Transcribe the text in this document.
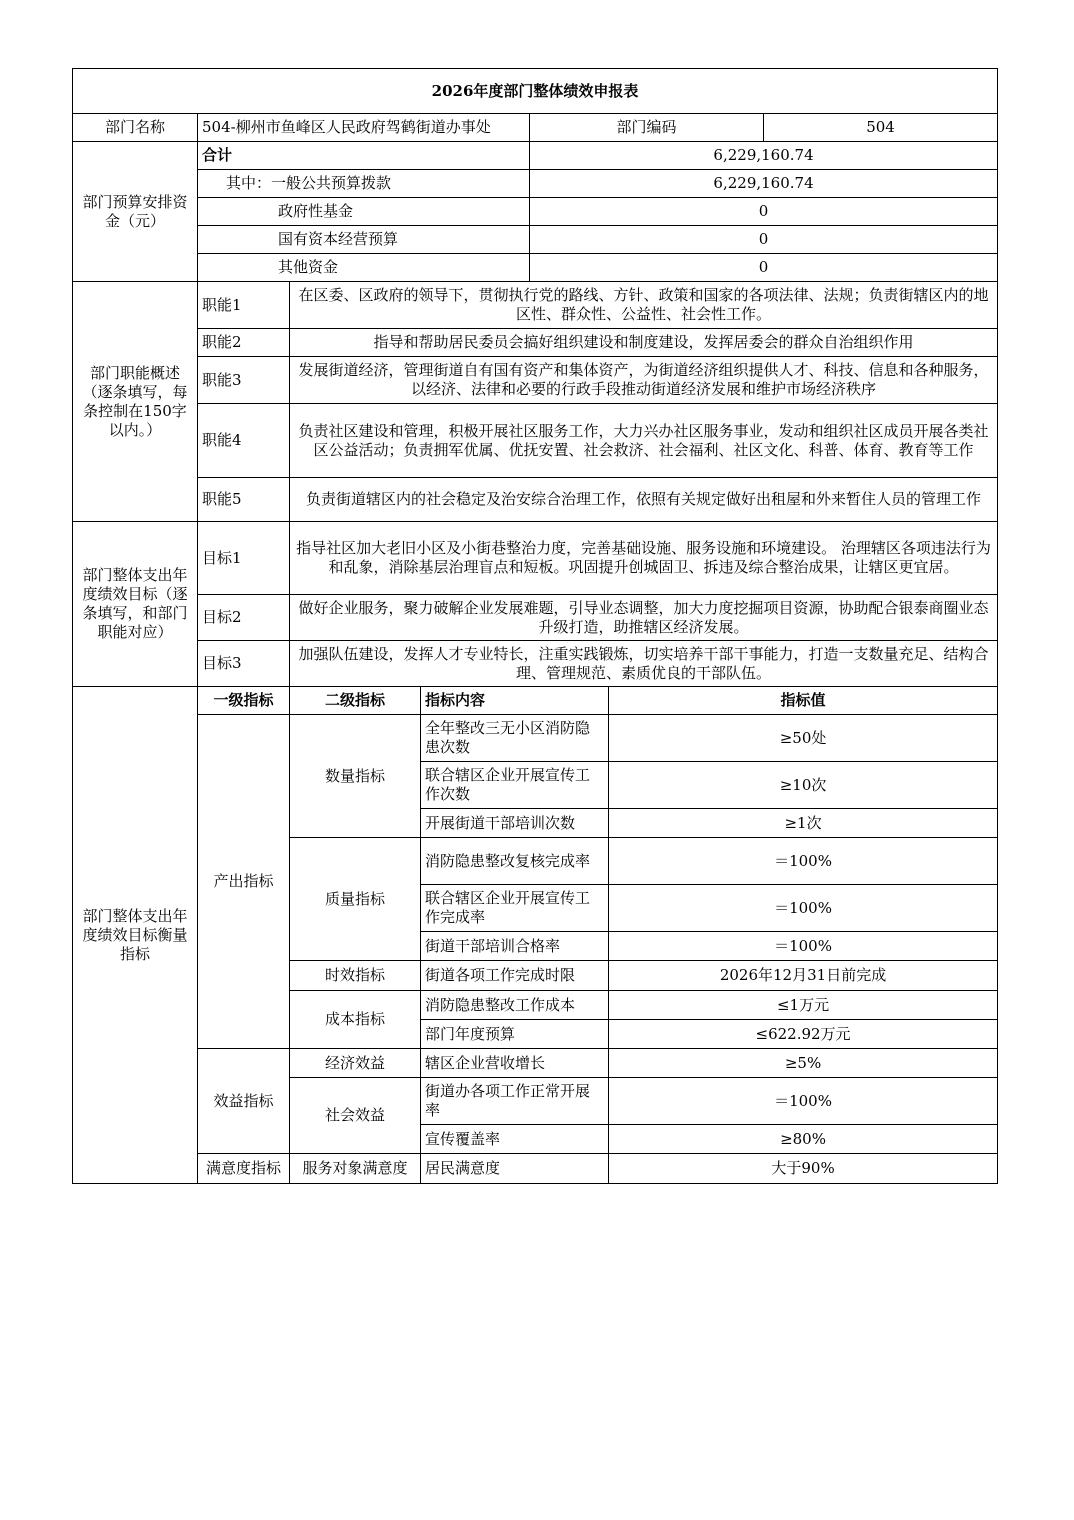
2026年度部门整体绩效申报表						
部门名称	504-柳州市鱼峰区人民政府驾鹤街道办事处			部门编码		504
部门预算安排资金（元）	合计			6,229,160.74		
	其中：一般公共预算拨款			6,229,160.74		
	政府性基金			0		
	国有资本经营预算			0		
	其他资金			0		
部门职能概述（逐条填写，每条控制在150字以内。）	职能1	在区委、区政府的领导下，贯彻执行党的路线、方针、政策和国家的各项法律、法规；负责街辖区内的地区性、群众性、公益性、社会性工作。				
	职能2	指导和帮助居民委员会搞好组织建设和制度建设，发挥居委会的群众自治组织作用				
	职能3	发展街道经济，管理街道自有国有资产和集体资产，为街道经济组织提供人才、科技、信息和各种服务，以经济、法律和必要的行政手段推动街道经济发展和维护市场经济秩序				
	职能4	负责社区建设和管理，积极开展社区服务工作，大力兴办社区服务事业，发动和组织社区成员开展各类社区公益活动；负责拥军优属、优抚安置、社会救济、社会福利、社区文化、科普、体育、教育等工作				
	职能5	负责街道辖区内的社会稳定及治安综合治理工作，依照有关规定做好出租屋和外来暂住人员的管理工作				
部门整体支出年度绩效目标（逐条填写，和部门职能对应）	目标1	指导社区加大老旧小区及小街巷整治力度，完善基础设施、服务设施和环境建设。 治理辖区各项违法行为和乱象，消除基层治理盲点和短板。巩固提升创城固卫、拆违及综合整治成果，让辖区更宜居。				
	目标2	做好企业服务，聚力破解企业发展难题，引导业态调整，加大力度挖掘项目资源，协助配合银泰商圈业态升级打造，助推辖区经济发展。				
	目标3	加强队伍建设，发挥人才专业特长，注重实践锻炼，切实培养干部干事能力，打造一支数量充足、结构合理、管理规范、素质优良的干部队伍。				
部门整体支出年度绩效目标衡量指标	一级指标	二级指标	指标内容		指标值	
	产出指标	数量指标	全年整改三无小区消防隐患次数		≥50处	
			联合辖区企业开展宣传工作次数		≥10次	
			开展街道干部培训次数		≥1次	
		质量指标	消防隐患整改复核完成率		＝100%	
			联合辖区企业开展宣传工作完成率		＝100%	
			街道干部培训合格率		＝100%	
		时效指标	街道各项工作完成时限		2026年12月31日前完成	
		成本指标	消防隐患整改工作成本		≤1万元	
			部门年度预算		≤622.92万元	
	效益指标	经济效益	辖区企业营收增长		≥5%	
		社会效益	街道办各项工作正常开展率		＝100%	
			宣传覆盖率		≥80%	
	满意度指标	服务对象满意度	居民满意度		大于90%	
